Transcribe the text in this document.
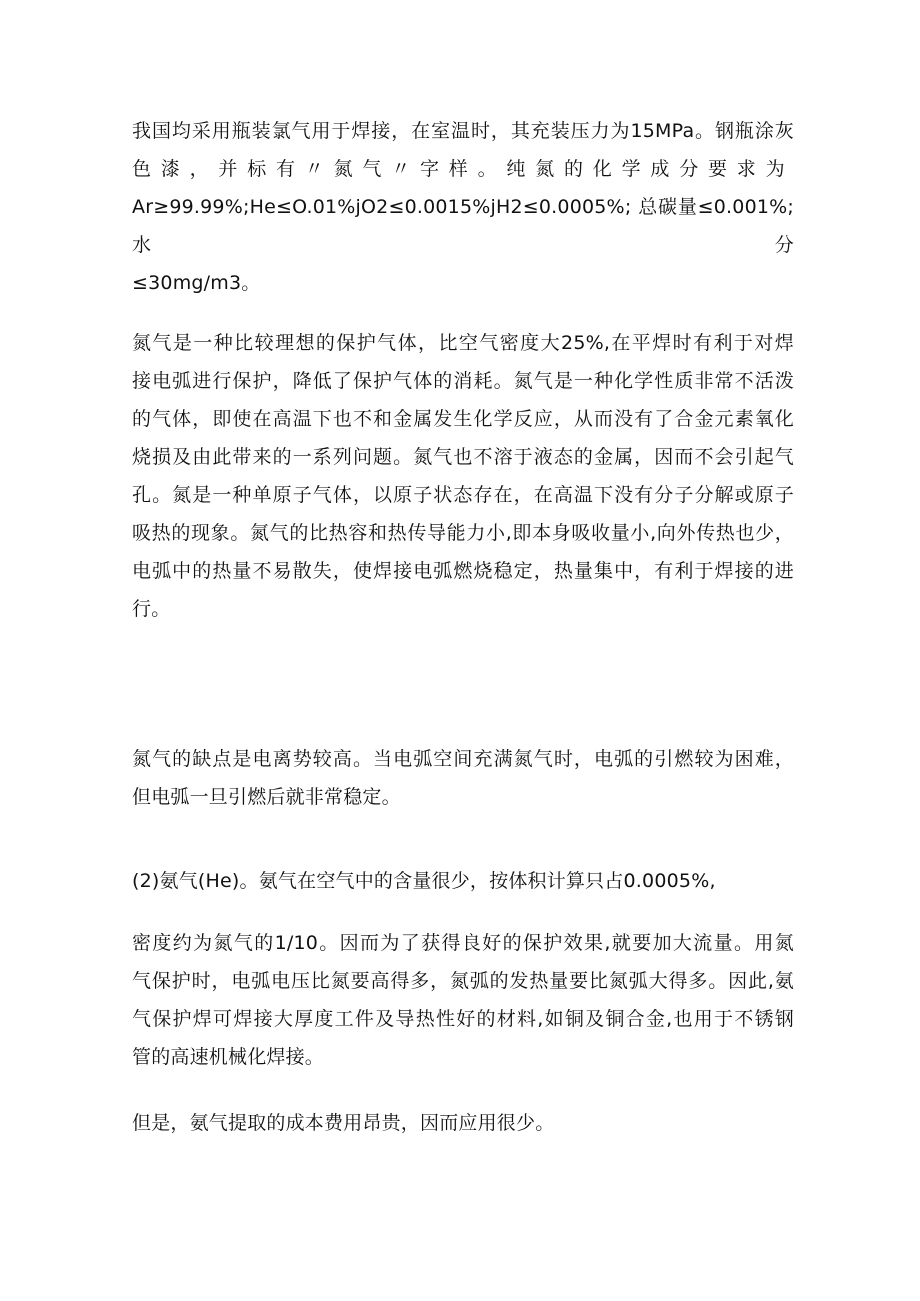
我国均采用瓶装氯气用于焊接，在室温时，其充装压力为15MPa。钢瓶涂灰
色漆，并标有〃氮气〃字样。纯氮的化学成分要求为
Ar≥99.99%;He≤O.01%jO2≤0.0015%jH2≤0.0005%; 总碳量≤0.001%; 水分
≤30mg/m3。
氮气是一种比较理想的保护气体，比空气密度大25%,在平焊时有利于对焊
接电弧进行保护，降低了保护气体的消耗。氮气是一种化学性质非常不活泼
的气体，即使在高温下也不和金属发生化学反应，从而没有了合金元素氧化
烧损及由此带来的一系列问题。氮气也不溶于液态的金属，因而不会引起气
孔。氮是一种单原子气体，以原子状态存在，在高温下没有分子分解或原子
吸热的现象。氮气的比热容和热传导能力小,即本身吸收量小,向外传热也少，
电弧中的热量不易散失，使焊接电弧燃烧稳定，热量集中，有利于焊接的进
行。
氮气的缺点是电离势较高。当电弧空间充满氮气时，电弧的引燃较为困难，
但电弧一旦引燃后就非常稳定。
(2)氨气(He)。氨气在空气中的含量很少，按体积计算只占0.0005%,
密度约为氮气的1/10。因而为了获得良好的保护效果,就要加大流量。用氮
气保护时，电弧电压比氮要高得多，氮弧的发热量要比氮弧大得多。因此,氨
气保护焊可焊接大厚度工件及导热性好的材料,如铜及铜合金,也用于不锈钢
管的高速机械化焊接。
但是，氨气提取的成本费用昂贵，因而应用很少。
